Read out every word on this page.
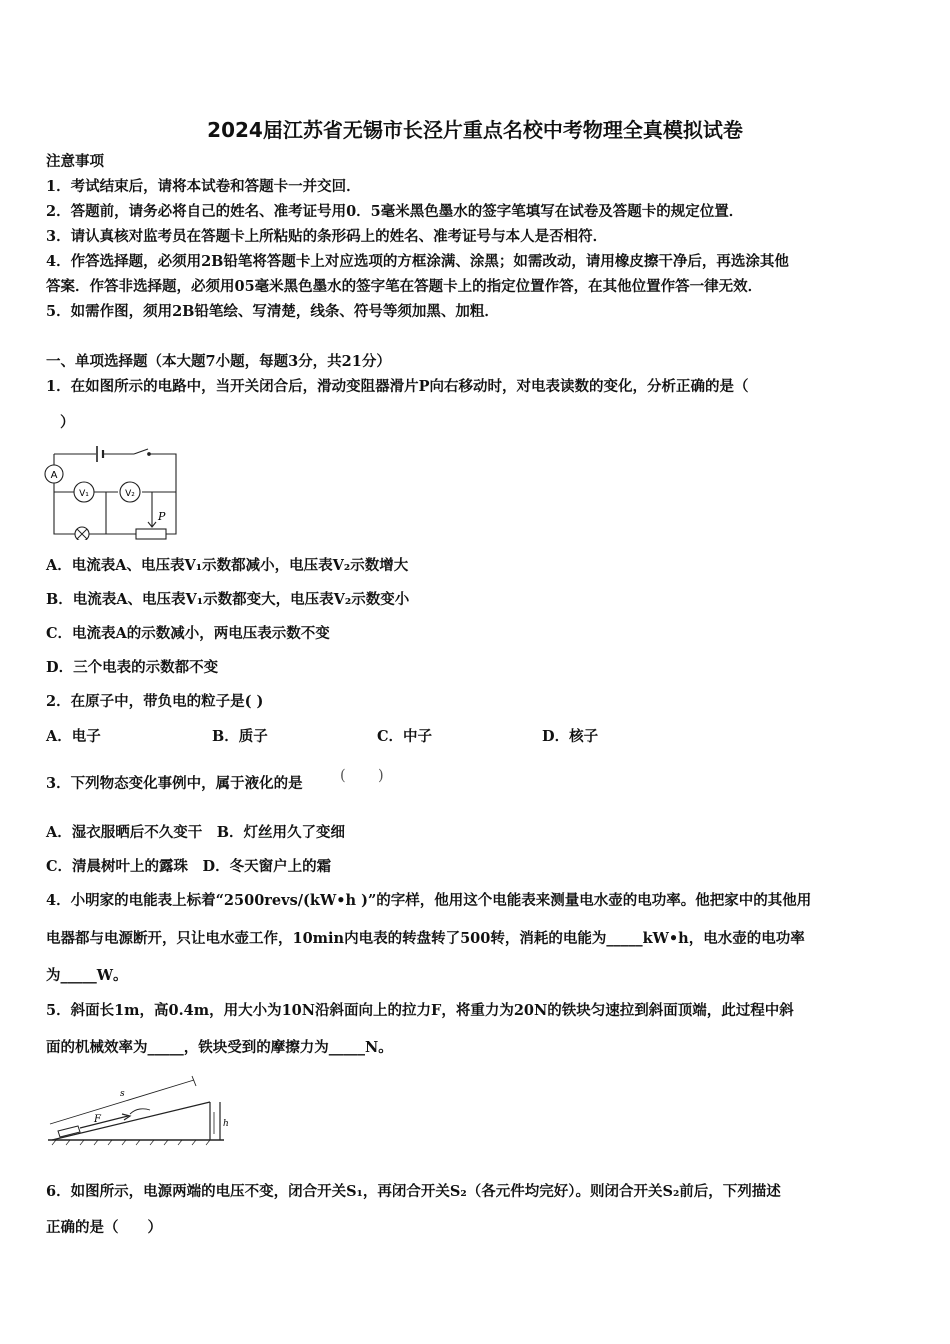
2024届江苏省无锡市长泾片重点名校中考物理全真模拟试卷
注意事项
1．考试结束后，请将本试卷和答题卡一并交回．
2．答题前，请务必将自己的姓名、准考证号用0．5毫米黑色墨水的签字笔填写在试卷及答题卡的规定位置．
3．请认真核对监考员在答题卡上所粘贴的条形码上的姓名、准考证号与本人是否相符．
4．作答选择题，必须用2B铅笔将答题卡上对应选项的方框涂满、涂黑；如需改动，请用橡皮擦干净后，再选涂其他
答案．作答非选择题，必须用05毫米黑色墨水的签字笔在答题卡上的指定位置作答，在其他位置作答一律无效．
5．如需作图，须用2B铅笔绘、写清楚，线条、符号等须加黑、加粗．
一、单项选择题（本大题7小题，每题3分，共21分）
1．在如图所示的电路中，当开关闭合后，滑动变阻器滑片P向右移动时，对电表读数的变化，分析正确的是（
）
A
V₁	V₂
P
A．电流表A、电压表V₁示数都减小，电压表V₂示数增大
B．电流表A、电压表V₁示数都变大，电压表V₂示数变小
C．电流表A的示数减小，两电压表示数不变
D．三个电表的示数都不变
2．在原子中，带负电的粒子是( )
A．电子	B．质子	C．中子	D．核子
3．下列物态变化事例中，属于液化的是	( )
A．湿衣服晒后不久变干　B．灯丝用久了变细
C．清晨树叶上的露珠　D．冬天窗户上的霜
4．小明家的电能表上标着“2500revs/(kW•h )”的字样，他用这个电能表来测量电水壶的电功率。他把家中的其他用
电器都与电源断开，只让电水壶工作，10min内电表的转盘转了500转，消耗的电能为_____kW•h，电水壶的电功率
为_____W。
5．斜面长1m，高0.4m，用大小为10N沿斜面向上的拉力F，将重力为20N的铁块匀速拉到斜面顶端，此过程中斜
面的机械效率为_____，铁块受到的摩擦力为_____N。
s
F	h
6．如图所示，电源两端的电压不变，闭合开关S₁，再闭合开关S₂（各元件均完好）。则闭合开关S₂前后，下列描述
正确的是（　　）
